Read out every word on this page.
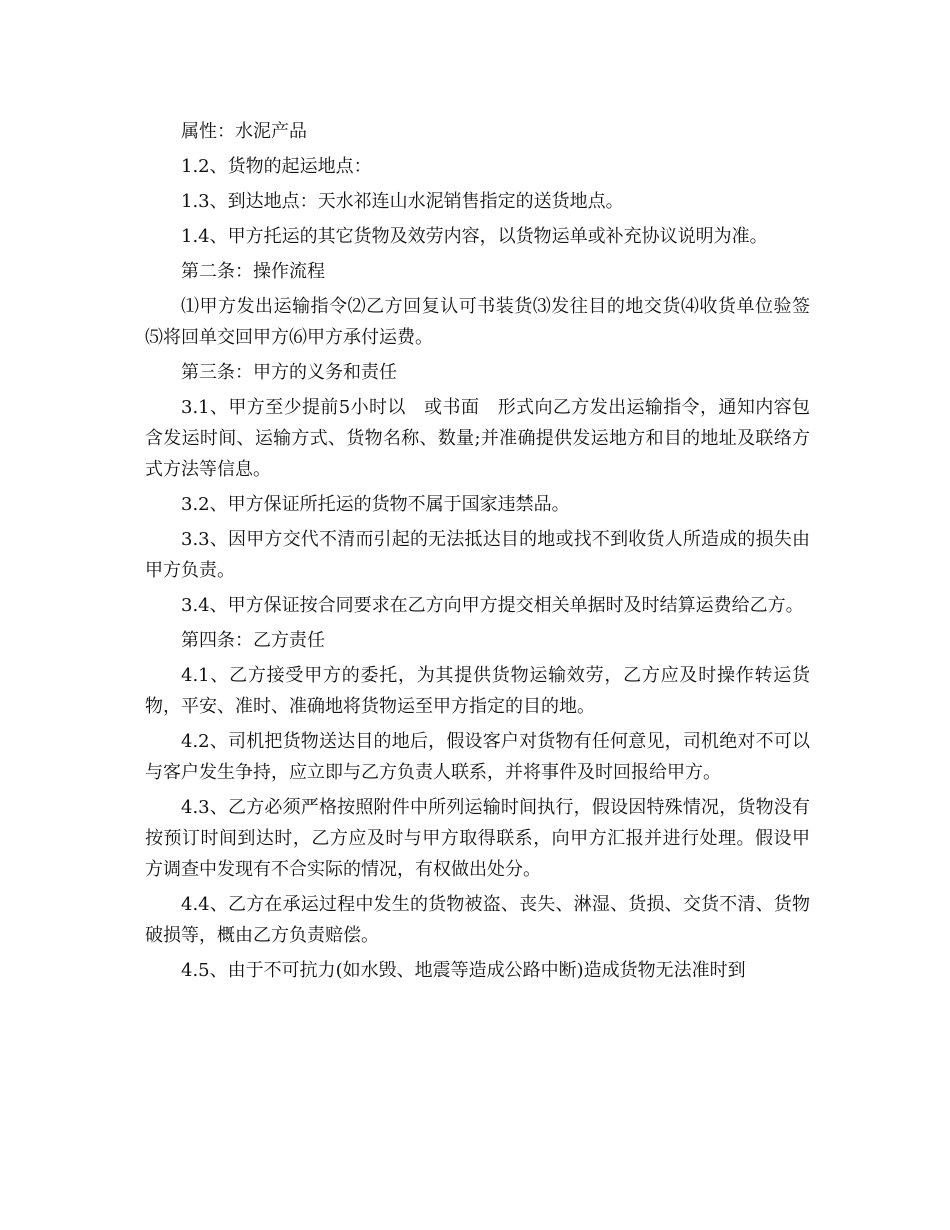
属性：水泥产品

1.2、货物的起运地点：

1.3、到达地点：天水祁连山水泥销售指定的送货地点。

1.4、甲方托运的其它货物及效劳内容，以货物运单或补充协议说明为准。

第二条：操作流程

⑴甲方发出运输指令⑵乙方回复认可书装货⑶发往目的地交货⑷收货单位验签⑸将回单交回甲方⑹甲方承付运费。

第三条：甲方的义务和责任

3.1、甲方至少提前5小时以　或书面　形式向乙方发出运输指令，通知内容包含发运时间、运输方式、货物名称、数量;并准确提供发运地方和目的地址及联络方式方法等信息。

3.2、甲方保证所托运的货物不属于国家违禁品。

3.3、因甲方交代不清而引起的无法抵达目的地或找不到收货人所造成的损失由甲方负责。

3.4、甲方保证按合同要求在乙方向甲方提交相关单据时及时结算运费给乙方。

第四条：乙方责任

4.1、乙方接受甲方的委托，为其提供货物运输效劳，乙方应及时操作转运货物，平安、准时、准确地将货物运至甲方指定的目的地。

4.2、司机把货物送达目的地后，假设客户对货物有任何意见，司机绝对不可以与客户发生争持，应立即与乙方负责人联系，并将事件及时回报给甲方。

4.3、乙方必须严格按照附件中所列运输时间执行，假设因特殊情况，货物没有按预订时间到达时，乙方应及时与甲方取得联系，向甲方汇报并进行处理。假设甲方调查中发现有不合实际的情况，有权做出处分。

4.4、乙方在承运过程中发生的货物被盗、丧失、淋湿、货损、交货不清、货物破损等，概由乙方负责赔偿。

4.5、由于不可抗力(如水毁、地震等造成公路中断)造成货物无法准时到
